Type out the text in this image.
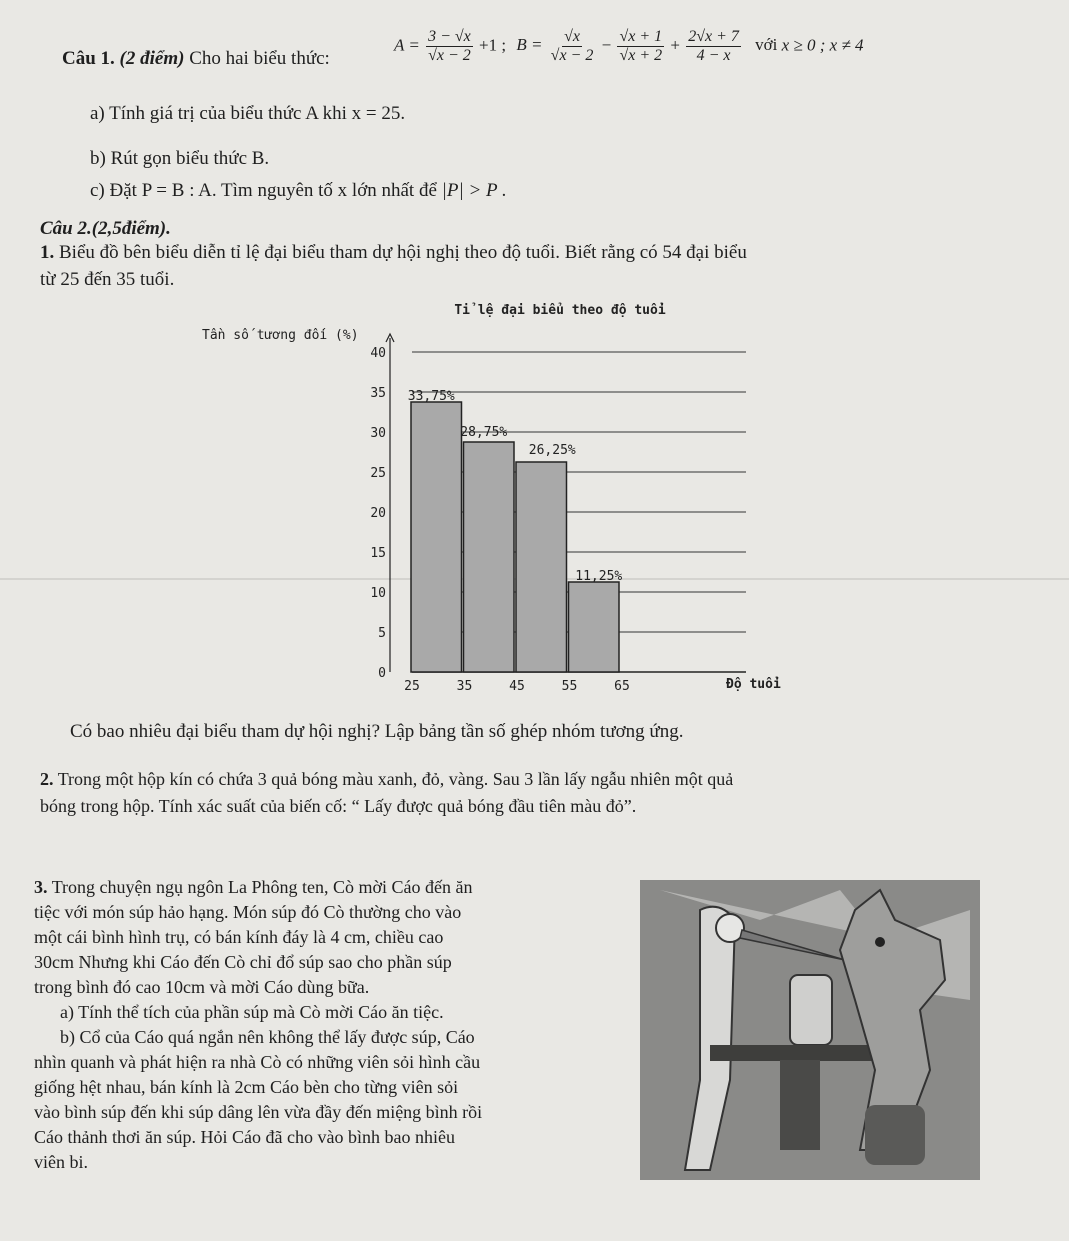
Câu 1. (2 điểm) Cho hai biểu thức:
$A = \frac{3 - √x}{√x - 2} +1$ ; $B = \frac{√x}{√x - 2} - \frac{√x + 1}{√x + 2} + \frac{2√x + 7}{4 - x}$ với x ≥ 0 ; x ≠ 4
a) Tính giá trị của biểu thức A khi x = 25.
b) Rút gọn biểu thức B.
c) Đặt P = B : A. Tìm nguyên tố x lớn nhất để |P| > P .
Câu 2.(2,5điểm).
1. Biểu đồ bên biểu diễn tỉ lệ đại biểu tham dự hội nghị theo độ tuổi. Biết rằng có 54 đại biểu
từ 25 đến 35 tuổi.
Tỉ lệ đại biểu theo độ tuổi
Tần số tương đối (%)
Độ tuổi
0
5
10
15
20
25
30
35
40
25	35	45	55	65
33,75%
28,75%
26,25%
11,25%
Có bao nhiêu đại biểu tham dự hội nghị? Lập bảng tần số ghép nhóm tương ứng.
2. Trong một hộp kín có chứa 3 quả bóng màu xanh, đỏ, vàng. Sau 3 lần lấy ngẫu nhiên một quả
bóng trong hộp. Tính xác suất của biến cố: “ Lấy được quả bóng đầu tiên màu đỏ”.
3. Trong chuyện ngụ ngôn La Phông ten, Cò mời Cáo đến ăn
tiệc với món súp hảo hạng. Món súp đó Cò thường cho vào
một cái bình hình trụ, có bán kính đáy là 4 cm, chiều cao
30cm Nhưng khi Cáo đến Cò chỉ đổ súp sao cho phần súp
trong bình đó cao 10cm và mời Cáo dùng bữa.
a) Tính thể tích của phần súp mà Cò mời Cáo ăn tiệc.
b) Cổ của Cáo quá ngắn nên không thể lấy được súp, Cáo
nhìn quanh và phát hiện ra nhà Cò có những viên sỏi hình cầu
giống hệt nhau, bán kính là 2cm Cáo bèn cho từng viên sỏi
vào bình súp đến khi súp dâng lên vừa đầy đến miệng bình rồi
Cáo thảnh thơi ăn súp. Hỏi Cáo đã cho vào bình bao nhiêu
viên bi.
